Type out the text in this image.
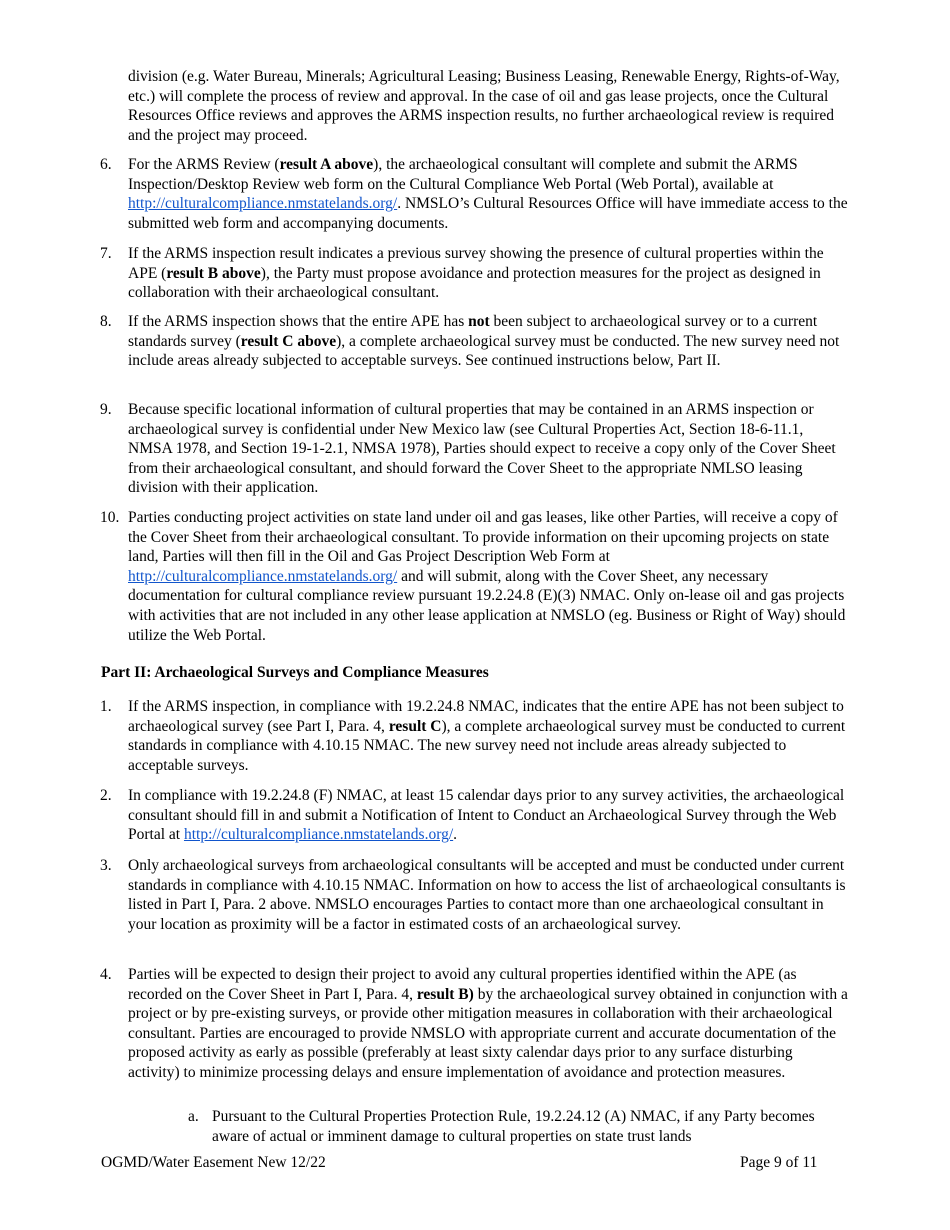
division (e.g. Water Bureau, Minerals; Agricultural Leasing; Business Leasing, Renewable Energy, Rights-of-Way, etc.) will complete the process of review and approval. In the case of oil and gas lease projects, once the Cultural Resources Office reviews and approves the ARMS inspection results, no further archaeological review is required and the project may proceed.

6.	For the ARMS Review (result A above), the archaeological consultant will complete and submit the ARMS Inspection/Desktop Review web form on the Cultural Compliance Web Portal (Web Portal), available at http://culturalcompliance.nmstatelands.org/. NMSLO’s Cultural Resources Office will have immediate access to the submitted web form and accompanying documents.
7.	If the ARMS inspection result indicates a previous survey showing the presence of cultural properties within the APE (result B above), the Party must propose avoidance and protection measures for the project as designed in collaboration with their archaeological consultant.
8.	If the ARMS inspection shows that the entire APE has not been subject to archaeological survey or to a current standards survey (result C above), a complete archaeological survey must be conducted. The new survey need not include areas already subjected to acceptable surveys. See continued instructions below, Part II.
9.	Because specific locational information of cultural properties that may be contained in an ARMS inspection or archaeological survey is confidential under New Mexico law (see Cultural Properties Act, Section 18-6-11.1, NMSA 1978, and Section 19-1-2.1, NMSA 1978), Parties should expect to receive a copy only of the Cover Sheet from their archaeological consultant, and should forward the Cover Sheet to the appropriate NMLSO leasing division with their application.
10. Parties conducting project activities on state land under oil and gas leases, like other Parties, will receive a copy of the Cover Sheet from their archaeological consultant. To provide information on their upcoming projects on state land, Parties will then fill in the Oil and Gas Project Description Web Form at http://culturalcompliance.nmstatelands.org/ and will submit, along with the Cover Sheet, any necessary documentation for cultural compliance review pursuant 19.2.24.8 (E)(3) NMAC. Only on-lease oil and gas projects with activities that are not included in any other lease application at NMSLO (eg. Business or Right of Way) should utilize the Web Portal.

Part II: Archaeological Surveys and Compliance Measures

1.	If the ARMS inspection, in compliance with 19.2.24.8 NMAC, indicates that the entire APE has not been subject to archaeological survey (see Part I, Para. 4, result C), a complete archaeological survey must be conducted to current standards in compliance with 4.10.15 NMAC. The new survey need not include areas already subjected to acceptable surveys.
2.	In compliance with 19.2.24.8 (F) NMAC, at least 15 calendar days prior to any survey activities, the archaeological consultant should fill in and submit a Notification of Intent to Conduct an Archaeological Survey through the Web Portal at http://culturalcompliance.nmstatelands.org/.
3.	Only archaeological surveys from archaeological consultants will be accepted and must be conducted under current standards in compliance with 4.10.15 NMAC. Information on how to access the list of archaeological consultants is listed in Part I, Para. 2 above. NMSLO encourages Parties to contact more than one archaeological consultant in your location as proximity will be a factor in estimated costs of an archaeological survey.
4.	Parties will be expected to design their project to avoid any cultural properties identified within the APE (as recorded on the Cover Sheet in Part I, Para. 4, result B) by the archaeological survey obtained in conjunction with a project or by pre-existing surveys, or provide other mitigation measures in collaboration with their archaeological consultant. Parties are encouraged to provide NMSLO with appropriate current and accurate documentation of the proposed activity as early as possible (preferably at least sixty calendar days prior to any surface disturbing activity) to minimize processing delays and ensure implementation of avoidance and protection measures.
a. Pursuant to the Cultural Properties Protection Rule, 19.2.24.12 (A) NMAC, if any Party becomes aware of actual or imminent damage to cultural properties on state trust lands
OGMD/Water Easement New 12/22	Page 9 of 11
